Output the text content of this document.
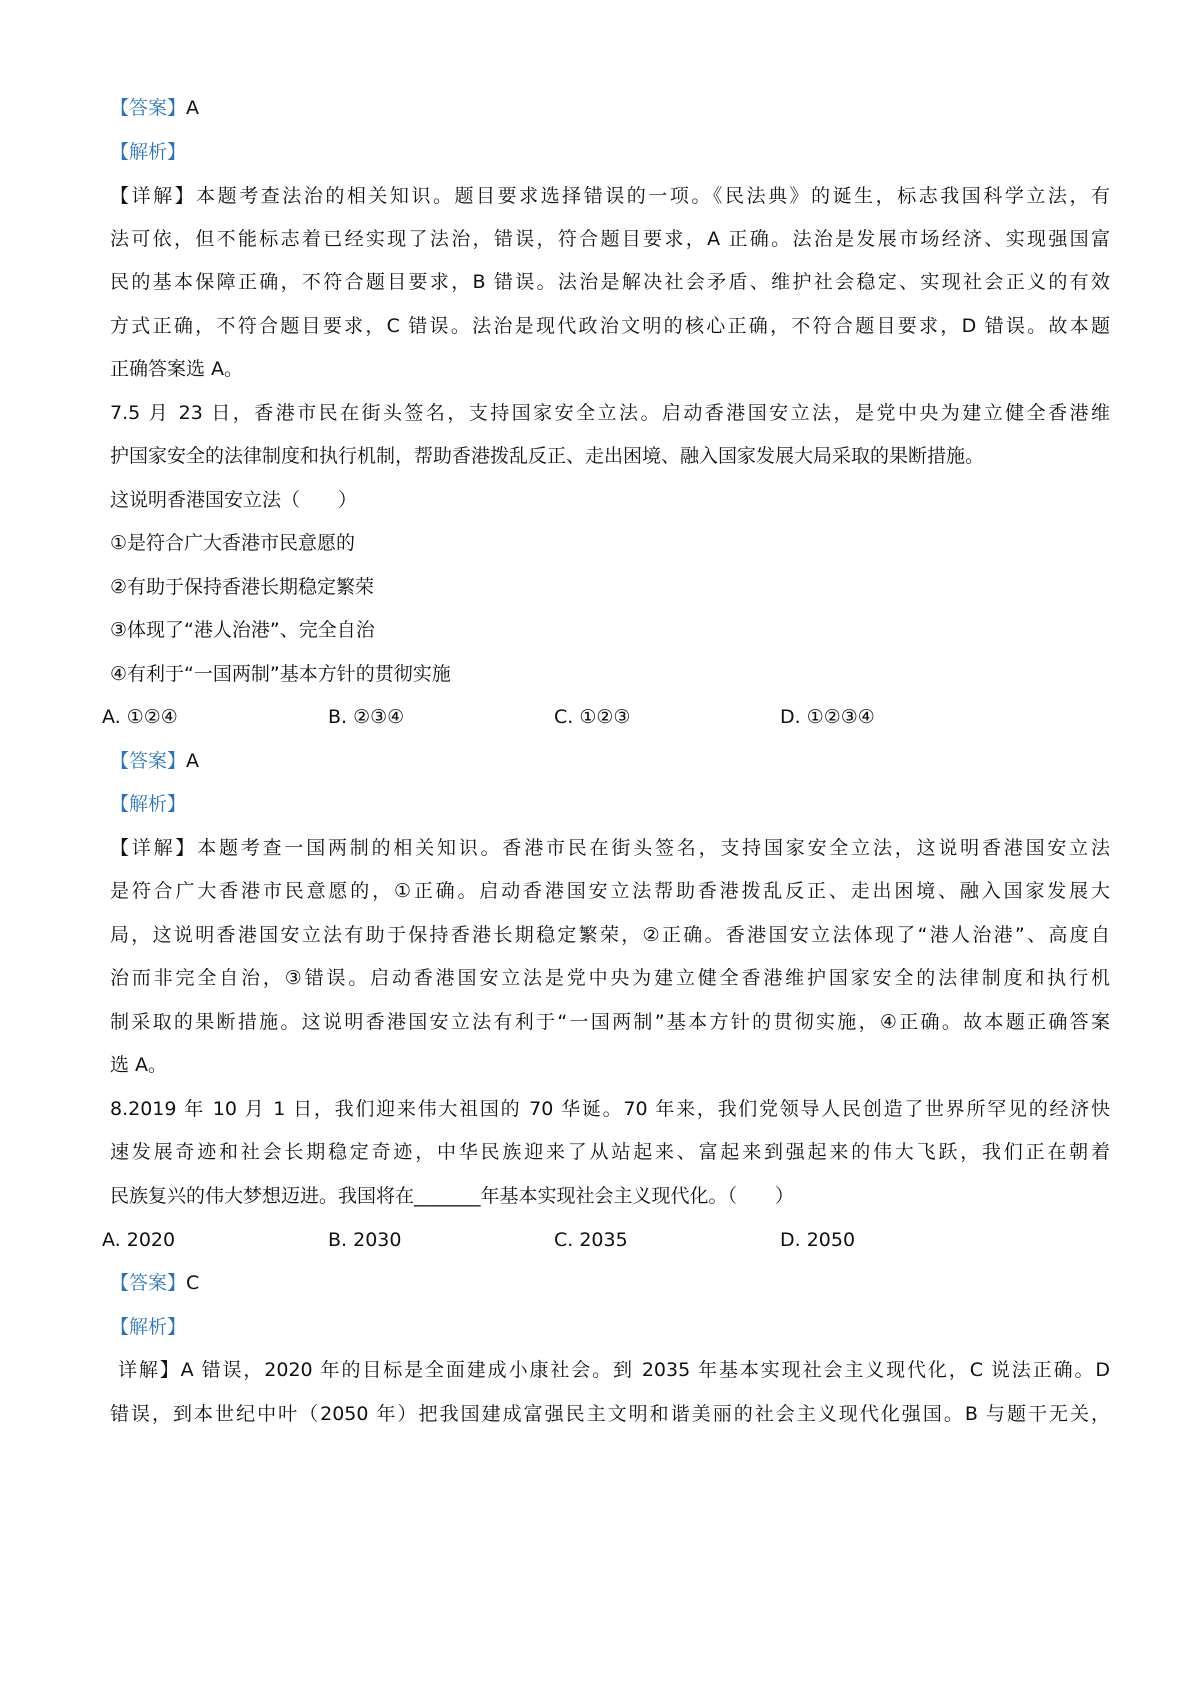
【答案】A
【解析】
【详解】本题考查法治的相关知识。题目要求选择错误的一项。《民法典》的诞生，标志我国科学立法，有
法可依，但不能标志着已经实现了法治，错误，符合题目要求，A 正确。法治是发展市场经济、实现强国富
民的基本保障正确，不符合题目要求，B 错误。法治是解决社会矛盾、维护社会稳定、实现社会正义的有效
方式正确，不符合题目要求，C 错误。法治是现代政治文明的核心正确，不符合题目要求，D 错误。故本题
正确答案选 A。
7.5 月 23 日，香港市民在街头签名，支持国家安全立法。启动香港国安立法，是党中央为建立健全香港维
护国家安全的法律制度和执行机制，帮助香港拨乱反正、走出困境、融入国家发展大局采取的果断措施。
这说明香港国安立法（　　）
①是符合广大香港市民意愿的
②有助于保持香港长期稳定繁荣
③体现了“港人治港”、完全自治
④有利于“一国两制”基本方针的贯彻实施
A. ①②④	B. ②③④	C. ①②③	D. ①②③④
【答案】A
【解析】
【详解】本题考查一国两制的相关知识。香港市民在街头签名，支持国家安全立法，这说明香港国安立法
是符合广大香港市民意愿的，①正确。启动香港国安立法帮助香港拨乱反正、走出困境、融入国家发展大
局，这说明香港国安立法有助于保持香港长期稳定繁荣，②正确。香港国安立法体现了“港人治港”、高度自
治而非完全自治，③错误。启动香港国安立法是党中央为建立健全香港维护国家安全的法律制度和执行机
制采取的果断措施。这说明香港国安立法有利于“一国两制”基本方针的贯彻实施，④正确。故本题正确答案
选 A。
8.2019 年 10 月 1 日，我们迎来伟大祖国的 70 华诞。70 年来，我们党领导人民创造了世界所罕见的经济快
速发展奇迹和社会长期稳定奇迹，中华民族迎来了从站起来、富起来到强起来的伟大飞跃，我们正在朝着
民族复兴的伟大梦想迈进。我国将在_______年基本实现社会主义现代化。（　　）
A. 2020	B. 2030	C. 2035	D. 2050
【答案】C
【解析】
详解】A 错误，2020 年的目标是全面建成小康社会。到 2035 年基本实现社会主义现代化，C 说法正确。D
错误，到本世纪中叶（2050 年）把我国建成富强民主文明和谐美丽的社会主义现代化强国。B 与题干无关，
